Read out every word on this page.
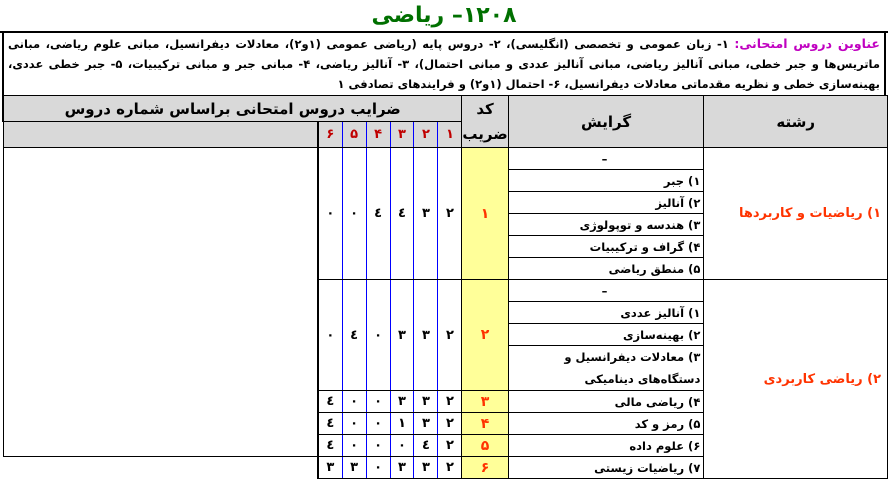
۱۲۰۸– ریاضی
عناوین دروس امتحانی: ۱- زبان عمومی و تخصصی (انگلیسی)، ۲- دروس پایه (ریاضی عمومی (۱و۲)، معادلات دیفرانسیل، مبانی علوم ریاضی، مبانی ماتریس‌ها و جبر خطی، مبانی آنالیز ریاضی، مبانی آنالیز عددی و مبانی احتمال)، ۳- آنالیز ریاضی، ۴- مبانی جبر و مبانی ترکیبیات، ۵- جبر خطی عددی، بهینه‌سازی خطی و نظریه مقدماتی معادلات دیفرانسیل، ۶- احتمال (۱و۲) و فرایندهای تصادفی ۱
رشته	گرایش	کد	ضرایب دروس امتحانی براساس شماره دروس						
		ضریب	۱	۲	۳	۴	۵	۶	
۱) ریاضیات و کاربردها	–	۱	۲	۳	٤	٤	۰	۰	
	۱) جبر								
	۲) آنالیز								
	۳) هندسه و توپولوژی								
	۴) گراف و ترکیبیات								
	۵) منطق ریاضی								
۲) ریاضی کاربردی	–	۲	۲	۳	۳	۰	٤	۰	
	۱) آنالیز عددی								
	۲) بهینه‌سازی								
	۳) معادلات دیفرانسیل و دستگاه‌های دینامیکی								
	۴) ریاضی مالی	۳	۲	۳	۳	۰	۰	٤	
	۵) رمز و کد	۴	۲	۳	۱	۰	۰	٤	
	۶) علوم داده	۵	۲	٤	۰	۰	۰	٤	
	۷) ریاضیات زیستی	۶	۲	۳	۳	۰	۳	۳	
